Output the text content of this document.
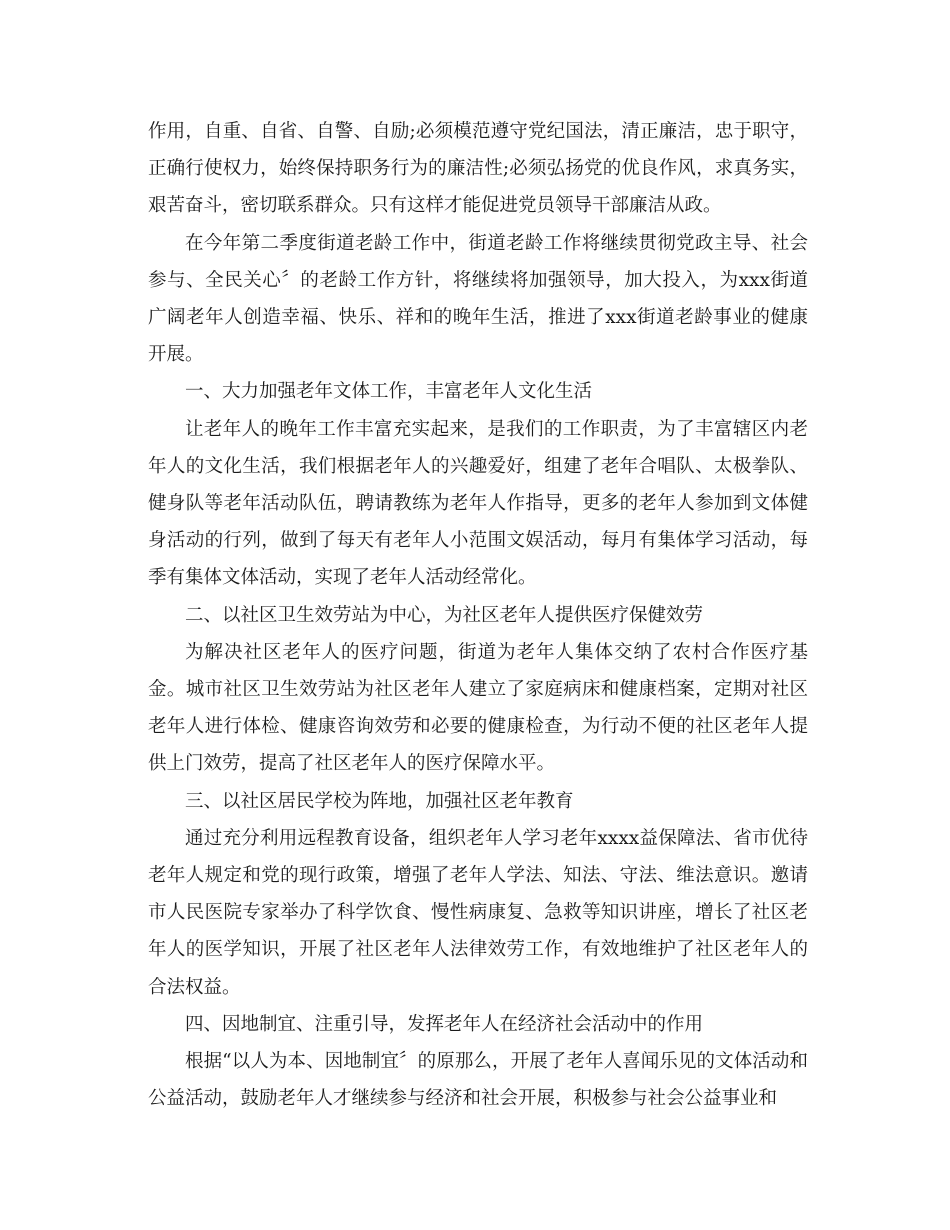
作用，自重、自省、自警、自励;必须模范遵守党纪国法，清正廉洁，忠于职守，正确行使权力，始终保持职务行为的廉洁性;必须弘扬党的优良作风，求真务实，艰苦奋斗，密切联系群众。只有这样才能促进党员领导干部廉洁从政。

在今年第二季度街道老龄工作中，街道老龄工作将继续贯彻党政主导、社会参与、全民关心〞的老龄工作方针，将继续将加强领导，加大投入，为xxx街道广阔老年人创造幸福、快乐、祥和的晚年生活，推进了xxx街道老龄事业的健康开展。

一、大力加强老年文体工作，丰富老年人文化生活

让老年人的晚年工作丰富充实起来，是我们的工作职责，为了丰富辖区内老年人的文化生活，我们根据老年人的兴趣爱好，组建了老年合唱队、太极拳队、健身队等老年活动队伍，聘请教练为老年人作指导，更多的老年人参加到文体健身活动的行列，做到了每天有老年人小范围文娱活动，每月有集体学习活动，每季有集体文体活动，实现了老年人活动经常化。

二、以社区卫生效劳站为中心，为社区老年人提供医疗保健效劳

为解决社区老年人的医疗问题，街道为老年人集体交纳了农村合作医疗基金。城市社区卫生效劳站为社区老年人建立了家庭病床和健康档案，定期对社区老年人进行体检、健康咨询效劳和必要的健康检查，为行动不便的社区老年人提供上门效劳，提高了社区老年人的医疗保障水平。

三、以社区居民学校为阵地，加强社区老年教育

通过充分利用远程教育设备，组织老年人学习老年xxxx益保障法、省市优待老年人规定和党的现行政策，增强了老年人学法、知法、守法、维法意识。邀请市人民医院专家举办了科学饮食、慢性病康复、急救等知识讲座，增长了社区老年人的医学知识，开展了社区老年人法律效劳工作，有效地维护了社区老年人的合法权益。

四、因地制宜、注重引导，发挥老年人在经济社会活动中的作用

根据“以人为本、因地制宜〞的原那么，开展了老年人喜闻乐见的文体活动和公益活动，鼓励老年人才继续参与经济和社会开展，积极参与社会公益事业和
